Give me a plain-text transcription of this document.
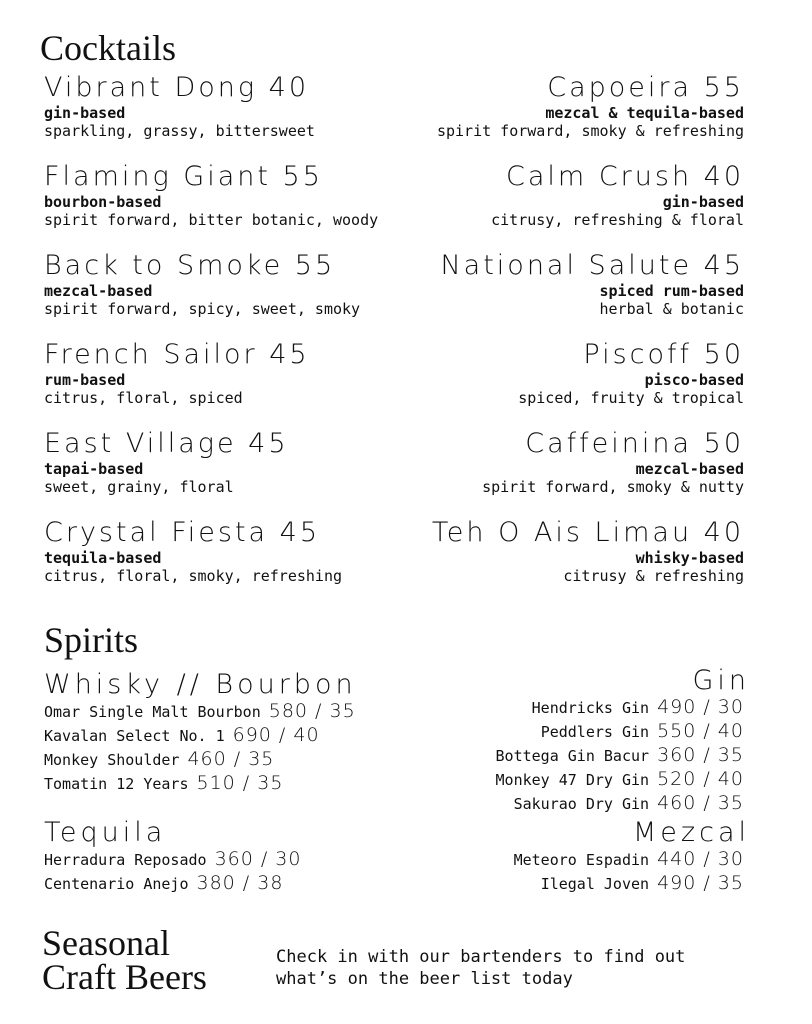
Cocktails
Vibrant Dong 40
gin-based
sparkling, grassy, bittersweet
Flaming Giant 55
bourbon-based
spirit forward, bitter botanic, woody
Back to Smoke 55
mezcal-based
spirit forward, spicy, sweet, smoky
French Sailor 45
rum-based
citrus, floral, spiced
East Village 45
tapai-based
sweet, grainy, floral
Crystal Fiesta 45
tequila-based
citrus, floral, smoky, refreshing
Capoeira 55
mezcal & tequila-based
spirit forward, smoky & refreshing
Calm Crush 40
gin-based
citrusy, refreshing & floral
National Salute 45
spiced rum-based
herbal & botanic
Piscoff 50
pisco-based
spiced, fruity & tropical
Caffeinina 50
mezcal-based
spirit forward, smoky & nutty
Teh O Ais Limau 40
whisky-based
citrusy & refreshing
Spirits
Whisky // Bourbon
Omar Single Malt Bourbon 580 / 35
Kavalan Select No. 1 690 / 40
Monkey Shoulder 460 / 35
Tomatin 12 Years 510 / 35
Gin
Hendricks Gin 490 / 30
Peddlers Gin 550 / 40
Bottega Gin Bacur 360 / 35
Monkey 47 Dry Gin 520 / 40
Sakurao Dry Gin 460 / 35
Tequila
Herradura Reposado 360 / 30
Centenario Anejo 380 / 38
Mezcal
Meteoro Espadin 440 / 30
Ilegal Joven 490 / 35
Seasonal
Craft Beers	Check in with our bartenders to find out
what’s on the beer list today
